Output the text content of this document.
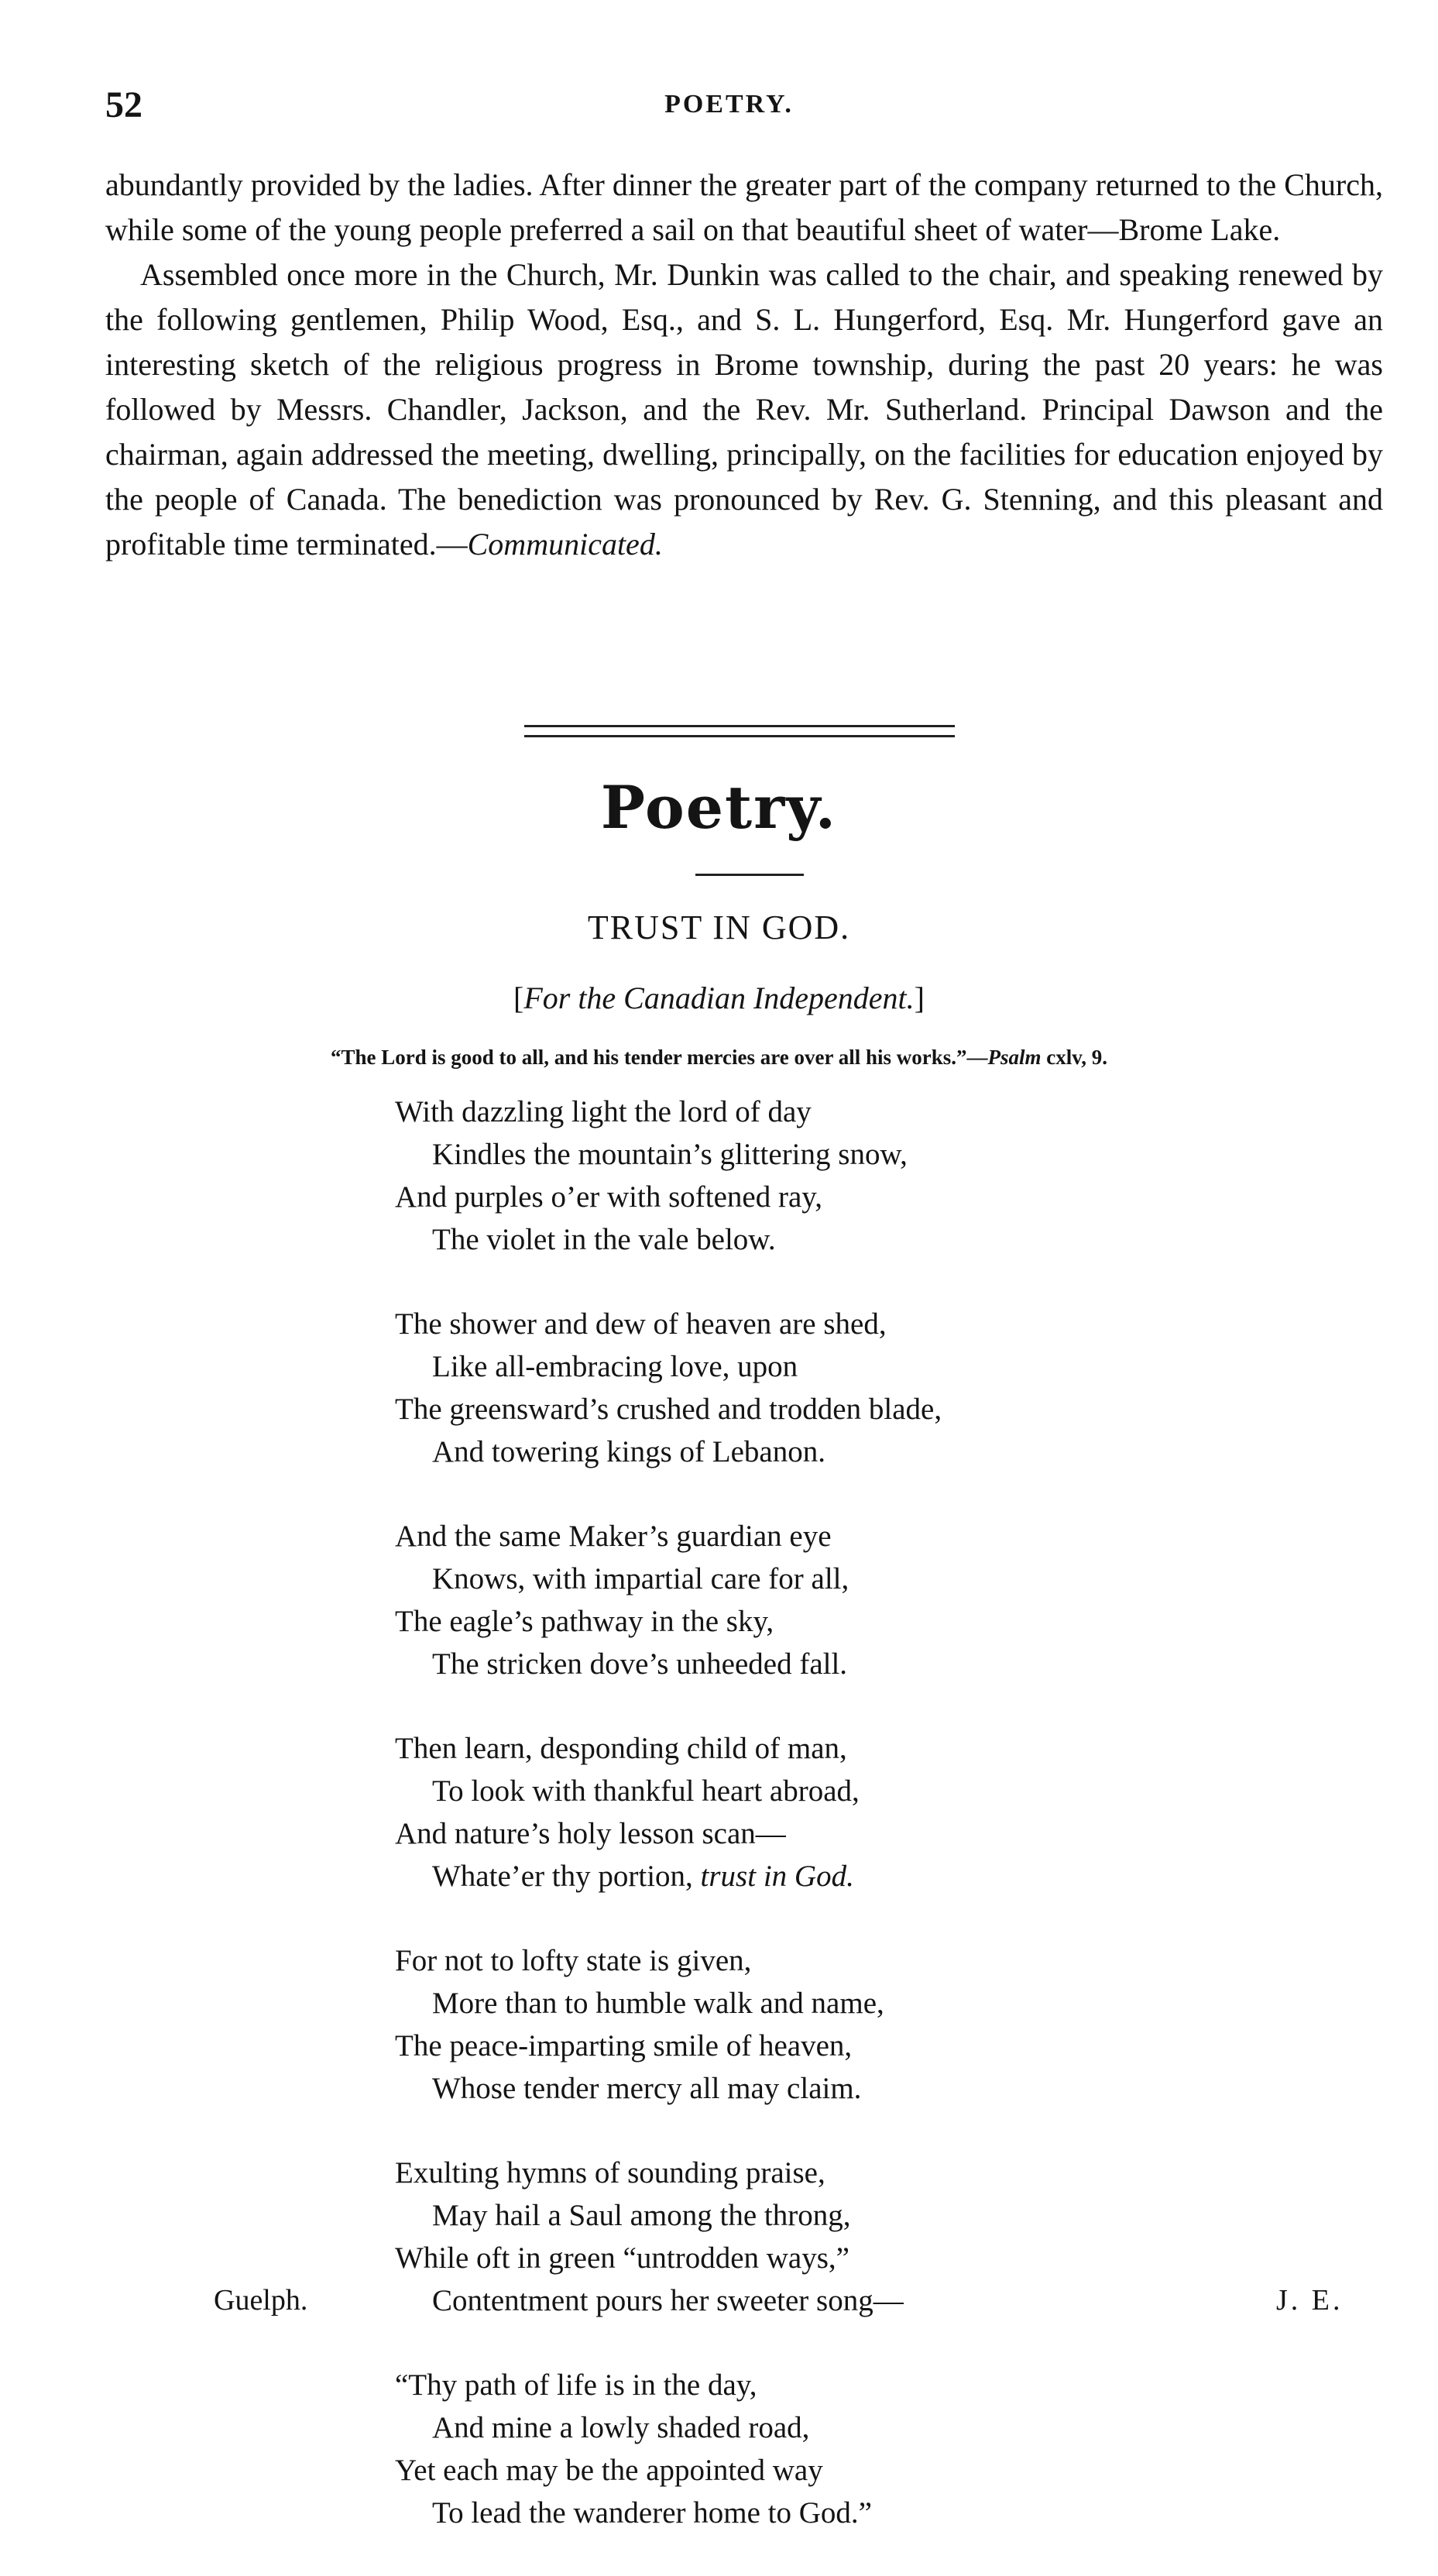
52	POETRY.

abundantly provided by the ladies. After dinner the greater part of the company returned to the Church, while some of the young people preferred a sail on that beautiful sheet of water—Brome Lake.

Assembled once more in the Church, Mr. Dunkin was called to the chair, and speaking renewed by the following gentlemen, Philip Wood, Esq., and S. L. Hungerford, Esq. Mr. Hungerford gave an interesting sketch of the religious progress in Brome township, during the past 20 years: he was followed by Messrs. Chandler, Jackson, and the Rev. Mr. Sutherland. Principal Dawson and the chairman, again addressed the meeting, dwelling, principally, on the facilities for education enjoyed by the people of Canada. The benediction was pronounced by Rev. G. Stenning, and this pleasant and profitable time terminated.—Communicated.

Poetry.
TRUST IN GOD.
[For the Canadian Independent.]
“The Lord is good to all, and his tender mercies are over all his works.”—Psalm cxlv, 9.
With dazzling light the lord of day
Kindles the mountain’s glittering snow,
And purples o’er with softened ray,
The violet in the vale below.
The shower and dew of heaven are shed,
Like all-embracing love, upon
The greensward’s crushed and trodden blade,
And towering kings of Lebanon.
And the same Maker’s guardian eye
Knows, with impartial care for all,
The eagle’s pathway in the sky,
The stricken dove’s unheeded fall.
Then learn, desponding child of man,
To look with thankful heart abroad,
And nature’s holy lesson scan—
Whate’er thy portion, trust in God.
For not to lofty state is given,
More than to humble walk and name,
The peace-imparting smile of heaven,
Whose tender mercy all may claim.
Exulting hymns of sounding praise,
May hail a Saul among the throng,
While oft in green “untrodden ways,”
Contentment pours her sweeter song—
“Thy path of life is in the day,
And mine a lowly shaded road,
Yet each may be the appointed way
To lead the wanderer home to God.”
Guelph.	J. E.
